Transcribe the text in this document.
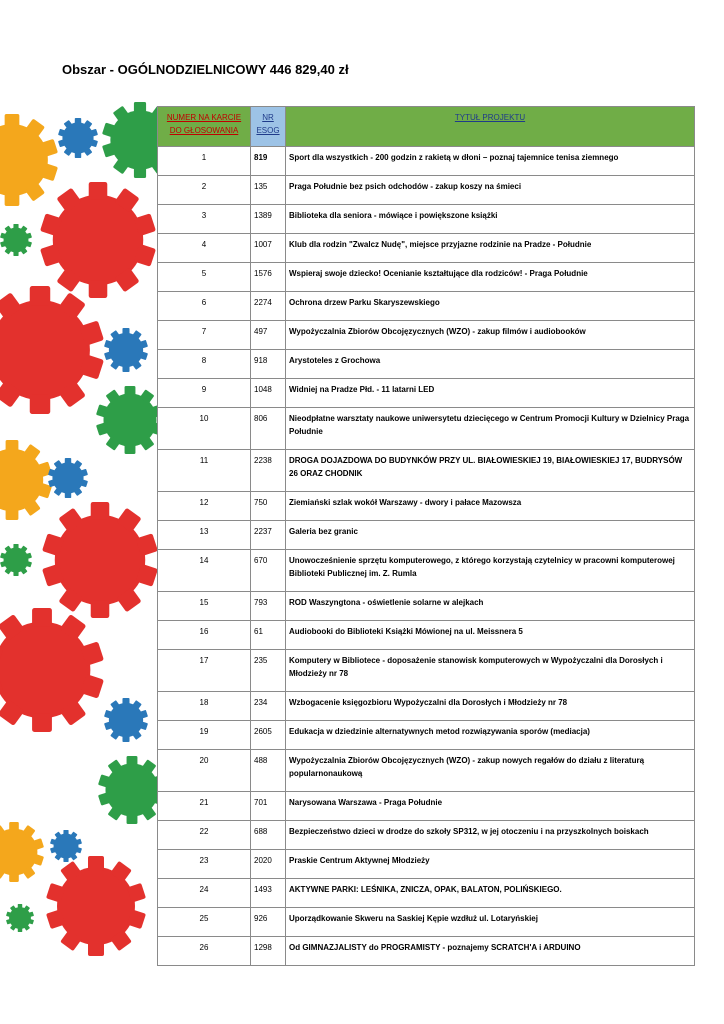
Obszar - OGÓLNODZIELNICOWY 446 829,40 zł
NUMER NA KARCIE DO GŁOSOWANIA	NR ESOG	TYTUŁ PROJEKTU
1	819	Sport dla wszystkich - 200 godzin z rakietą w dłoni – poznaj tajemnice tenisa ziemnego
2	135	Praga Południe bez psich odchodów - zakup koszy na śmieci
3	1389	Biblioteka dla seniora - mówiące i powiększone książki
4	1007	Klub dla rodzin "Zwalcz Nudę", miejsce przyjazne rodzinie na Pradze - Południe
5	1576	Wspieraj swoje dziecko! Ocenianie kształtujące dla rodziców! - Praga Południe
6	2274	Ochrona drzew Parku Skaryszewskiego
7	497	Wypożyczalnia Zbiorów Obcojęzycznych (WZO) - zakup filmów i audiobooków
8	918	Arystoteles z Grochowa
9	1048	Widniej na Pradze Płd. - 11 latarni LED
10	806	Nieodpłatne warsztaty naukowe uniwersytetu dziecięcego w Centrum Promocji Kultury w Dzielnicy Praga Południe
11	2238	DROGA DOJAZDOWA DO BUDYNKÓW PRZY UL. BIAŁOWIESKIEJ 19, BIAŁOWIESKIEJ 17, BUDRYSÓW 26 ORAZ CHODNIK
12	750	Ziemiański szlak wokół Warszawy - dwory i pałace Mazowsza
13	2237	Galeria bez granic
14	670	Unowocześnienie sprzętu komputerowego, z którego korzystają czytelnicy w pracowni komputerowej Biblioteki Publicznej im. Z. Rumla
15	793	ROD Waszyngtona - oświetlenie solarne w alejkach
16	61	Audiobooki do Biblioteki Książki Mówionej na ul. Meissnera 5
17	235	Komputery w Bibliotece - doposażenie stanowisk komputerowych w Wypożyczalni dla Dorosłych i Młodzieży nr 78
18	234	Wzbogacenie księgozbioru Wypożyczalni dla Dorosłych i Młodzieży nr 78
19	2605	Edukacja w dziedzinie alternatywnych metod rozwiązywania sporów (mediacja)
20	488	Wypożyczalnia Zbiorów Obcojęzycznych (WZO) - zakup nowych regałów do działu z literaturą popularnonaukową
21	701	Narysowana Warszawa - Praga Południe
22	688	Bezpieczeństwo dzieci w drodze do szkoły SP312, w jej otoczeniu i na przyszkolnych boiskach
23	2020	Praskie Centrum Aktywnej Młodzieży
24	1493	AKTYWNE PARKI: LEŚNIKA, ZNICZA, OPAK, BALATON, POLIŃSKIEGO.
25	926	Uporządkowanie Skweru na Saskiej Kępie wzdłuż ul. Lotaryńskiej
26	1298	Od GIMNAZJALISTY do PROGRAMISTY - poznajemy SCRATCH'A i ARDUINO
